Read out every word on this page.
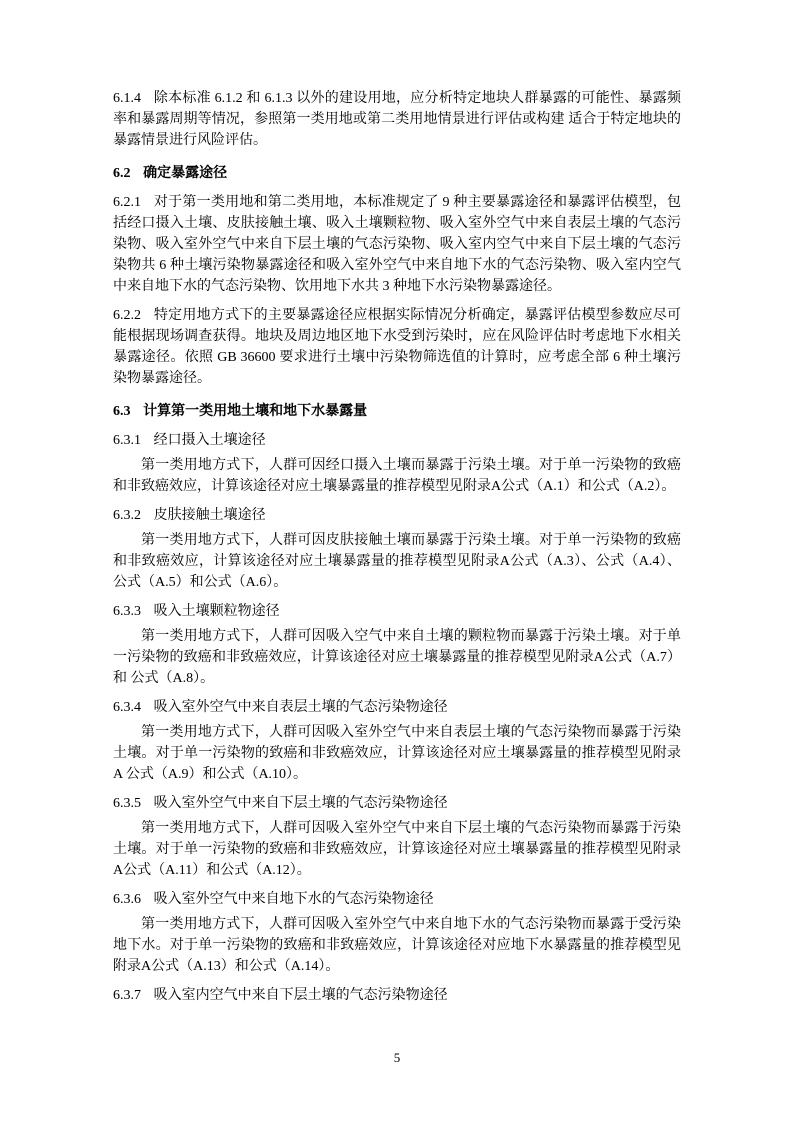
6.1.4 除本标准 6.1.2 和 6.1.3 以外的建设用地，应分析特定地块人群暴露的可能性、暴露频率和暴露周期等情况，参照第一类用地或第二类用地情景进行评估或构建 适合于特定地块的暴露情景进行风险评估。
6.2 确定暴露途径
6.2.1 对于第一类用地和第二类用地，本标准规定了 9 种主要暴露途径和暴露评估模型，包括经口摄入土壤、皮肤接触土壤、吸入土壤颗粒物、吸入室外空气中来自表层土壤的气态污染物、吸入室外空气中来自下层土壤的气态污染物、吸入室内空气中来自下层土壤的气态污染物共 6 种土壤污染物暴露途径和吸入室外空气中来自地下水的气态污染物、吸入室内空气中来自地下水的气态污染物、饮用地下水共 3 种地下水污染物暴露途径。
6.2.2 特定用地方式下的主要暴露途径应根据实际情况分析确定，暴露评估模型参数应尽可能根据现场调查获得。地块及周边地区地下水受到污染时，应在风险评估时考虑地下水相关暴露途径。依照 GB 36600 要求进行土壤中污染物筛选值的计算时，应考虑全部 6 种土壤污染物暴露途径。
6.3 计算第一类用地土壤和地下水暴露量
6.3.1 经口摄入土壤途径
第一类用地方式下，人群可因经口摄入土壤而暴露于污染土壤。对于单一污染物的致癌和非致癌效应，计算该途径对应土壤暴露量的推荐模型见附录A公式（A.1）和公式（A.2）。
6.3.2 皮肤接触土壤途径
第一类用地方式下，人群可因皮肤接触土壤而暴露于污染土壤。对于单一污染物的致癌和非致癌效应，计算该途径对应土壤暴露量的推荐模型见附录A公式（A.3）、公式（A.4）、公式（A.5）和公式（A.6）。
6.3.3 吸入土壤颗粒物途径
第一类用地方式下，人群可因吸入空气中来自土壤的颗粒物而暴露于污染土壤。对于单一污染物的致癌和非致癌效应，计算该途径对应土壤暴露量的推荐模型见附录A公式（A.7）和 公式（A.8）。
6.3.4 吸入室外空气中来自表层土壤的气态污染物途径
第一类用地方式下，人群可因吸入室外空气中来自表层土壤的气态污染物而暴露于污染土壤。对于单一污染物的致癌和非致癌效应，计算该途径对应土壤暴露量的推荐模型见附录A 公式（A.9）和公式（A.10）。
6.3.5 吸入室外空气中来自下层土壤的气态污染物途径
第一类用地方式下，人群可因吸入室外空气中来自下层土壤的气态污染物而暴露于污染土壤。对于单一污染物的致癌和非致癌效应，计算该途径对应土壤暴露量的推荐模型见附录A公式（A.11）和公式（A.12）。
6.3.6 吸入室外空气中来自地下水的气态污染物途径
第一类用地方式下，人群可因吸入室外空气中来自地下水的气态污染物而暴露于受污染地下水。对于单一污染物的致癌和非致癌效应，计算该途径对应地下水暴露量的推荐模型见附录A公式（A.13）和公式（A.14）。
6.3.7 吸入室内空气中来自下层土壤的气态污染物途径
5
